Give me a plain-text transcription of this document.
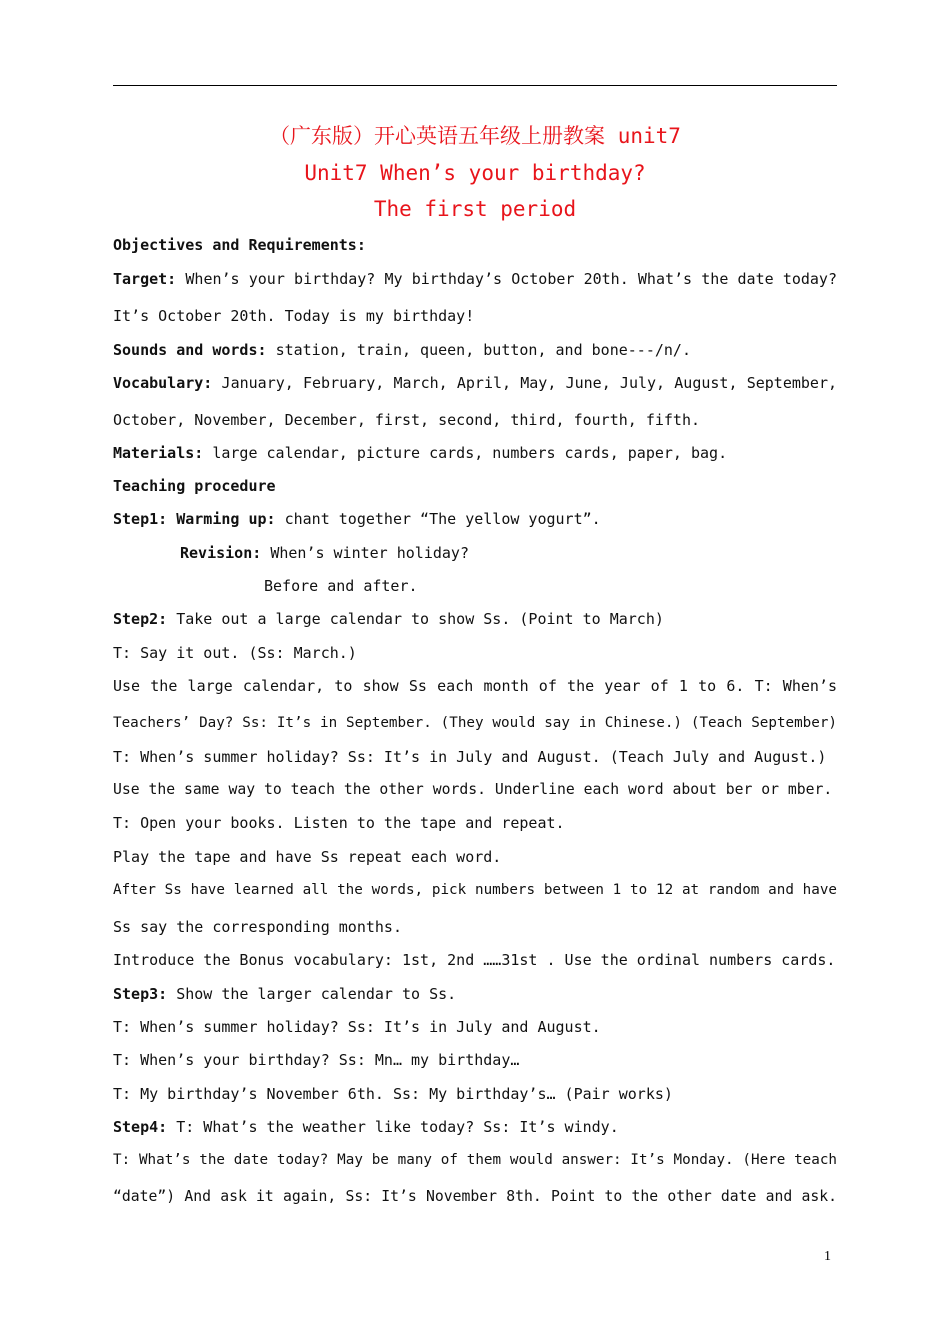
（广东版）开心英语五年级上册教案 unit7
Unit7 When’s your birthday?
The first period
Objectives and Requirements:
Target: When’s your birthday? My birthday’s October 20th. What’s the date today?
It’s October 20th. Today is my birthday!
Sounds and words: station, train, queen, button, and bone---/n/.
Vocabulary: January, February, March, April, May, June, July, August, September,
October, November, December, first, second, third, fourth, fifth.
Materials: large calendar, picture cards, numbers cards, paper, bag.
Teaching procedure
Step1: Warming up: chant together “The yellow yogurt”.
Revision: When’s winter holiday?
Before and after.
Step2: Take out a large calendar to show Ss. (Point to March)
T: Say it out. (Ss: March.)
Use the large calendar, to show Ss each month of the year of 1 to 6. T: When’s
Teachers’ Day? Ss: It’s in September. (They would say in Chinese.) (Teach September)
T: When’s summer holiday? Ss: It’s in July and August. (Teach July and August.)
Use the same way to teach the other words. Underline each word about ber or mber.
T: Open your books. Listen to the tape and repeat.
Play the tape and have Ss repeat each word.
After Ss have learned all the words, pick numbers between 1 to 12 at random and have
Ss say the corresponding months.
Introduce the Bonus vocabulary: 1st, 2nd ……31st . Use the ordinal numbers cards.
Step3: Show the larger calendar to Ss.
T: When’s summer holiday? Ss: It’s in July and August.
T: When’s your birthday? Ss: Mn… my birthday…
T: My birthday’s November 6th. Ss: My birthday’s… (Pair works)
Step4: T: What’s the weather like today? Ss: It’s windy.
T: What’s the date today? May be many of them would answer: It’s Monday. (Here teach
“date”) And ask it again, Ss: It’s November 8th. Point to the other date and ask.
1
